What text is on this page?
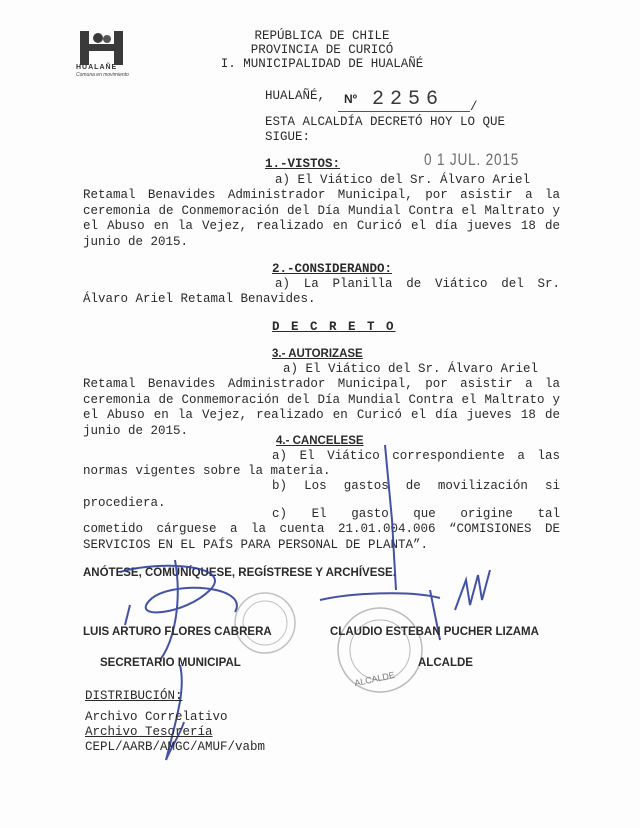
HUALAÑE
Comuna en movimiento
REPÚBLICA DE CHILE
PROVINCIA DE CURICÓ
I. MUNICIPALIDAD DE HUALAÑÉ
HUALAÑÉ, Nº 2256 /
ESTA ALCALDÍA DECRETÓ HOY LO QUE
SIGUE:
1.-VISTOS:	0 1 JUL. 2015
a) El Viático del Sr. Álvaro Ariel
Retamal Benavides Administrador Municipal, por asistir a la ceremonia de Conmemoración del Día Mundial Contra el Maltrato y el Abuso en la Vejez, realizado en Curicó el día jueves 18 de junio de 2015.
2.-CONSIDERANDO:
a) La Planilla de Viático del Sr.
Álvaro Ariel Retamal Benavides.
D E C R E T O
3.- AUTORIZASE
a) El Viático del Sr. Álvaro Ariel
Retamal Benavides Administrador Municipal, por asistir a la ceremonia de Conmemoración del Día Mundial Contra el Maltrato y el Abuso en la Vejez, realizado en Curicó el día jueves 18 de junio de 2015.
4.- CANCELESE
a) El Viático correspondiente a las
normas vigentes sobre la materia.
b) Los gastos de movilización si
procediera.
c) El gasto que origine tal
cometido cárguese a la cuenta 21.01.004.006 “COMISIONES DE SERVICIOS EN EL PAÍS PARA PERSONAL DE PLANTA”.
ANÓTESE, COMUNÍQUESE, REGÍSTRESE Y ARCHÍVESE.
ALCALDE
LUIS ARTURO FLORES CABRERA
SECRETARIO MUNICIPAL
CLAUDIO ESTEBAN PUCHER LIZAMA
ALCALDE
DISTRIBUCIÓN:
Archivo Correlativo
Archivo Tesorería
CEPL/AARB/AMGC/AMUF/vabm
